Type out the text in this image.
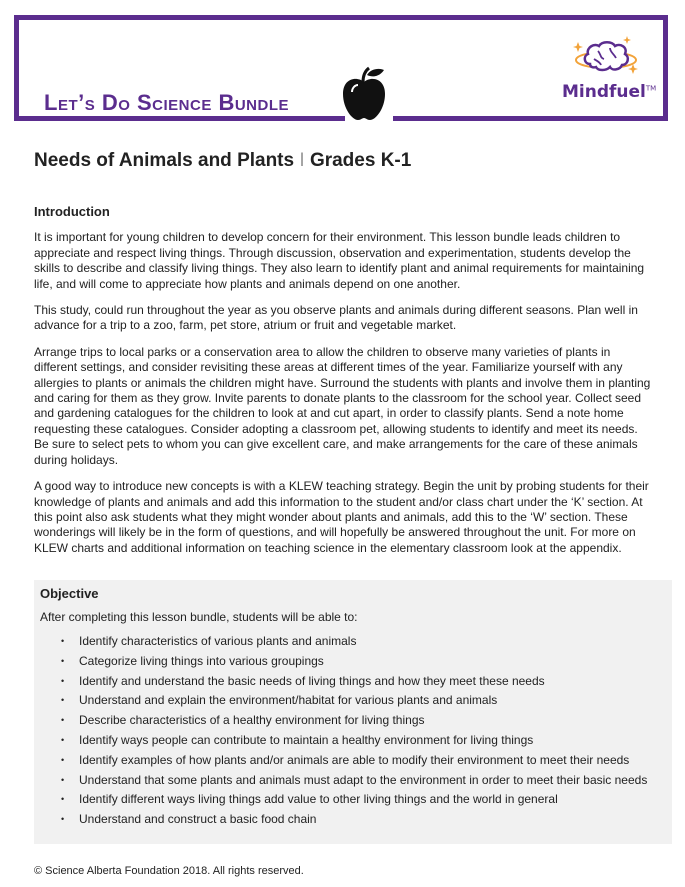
Let’s Do Science Bundle	Mindfuel™
Needs of Animals and Plants I Grades K-1
Introduction

It is important for young children to develop concern for their environment. This lesson bundle leads children to appreciate and respect living things. Through discussion, observation and experimentation, students develop the skills to describe and classify living things. They also learn to identify plant and animal requirements for maintaining life, and will come to appreciate how plants and animals depend on one another.

This study, could run throughout the year as you observe plants and animals during different seasons. Plan well in advance for a trip to a zoo, farm, pet store, atrium or fruit and vegetable market.

Arrange trips to local parks or a conservation area to allow the children to observe many varieties of plants in different settings, and consider revisiting these areas at different times of the year. Familiarize yourself with any allergies to plants or animals the children might have. Surround the students with plants and involve them in planting and caring for them as they grow. Invite parents to donate plants to the classroom for the school year. Collect seed and gardening catalogues for the children to look at and cut apart, in order to classify plants. Send a note home requesting these catalogues. Consider adopting a classroom pet, allowing students to identify and meet its needs. Be sure to select pets to whom you can give excellent care, and make arrangements for the care of these animals during holidays.

A good way to introduce new concepts is with a KLEW teaching strategy. Begin the unit by probing students for their knowledge of plants and animals and add this information to the student and/or class chart under the ‘K’ section. At this point also ask students what they might wonder about plants and animals, add this to the ‘W’ section. These wonderings will likely be in the form of questions, and will hopefully be answered throughout the unit. For more on KLEW charts and additional information on teaching science in the elementary classroom look at the appendix.

Objective
After completing this lesson bundle, students will be able to:
• Identify characteristics of various plants and animals
• Categorize living things into various groupings
• Identify and understand the basic needs of living things and how they meet these needs
• Understand and explain the environment/habitat for various plants and animals
• Describe characteristics of a healthy environment for living things
• Identify ways people can contribute to maintain a healthy environment for living things
• Identify examples of how plants and/or animals are able to modify their environment to meet their needs
• Understand that some plants and animals must adapt to the environment in order to meet their basic needs
• Identify different ways living things add value to other living things and the world in general
• Understand and construct a basic food chain
© Science Alberta Foundation 2018. All rights reserved.
